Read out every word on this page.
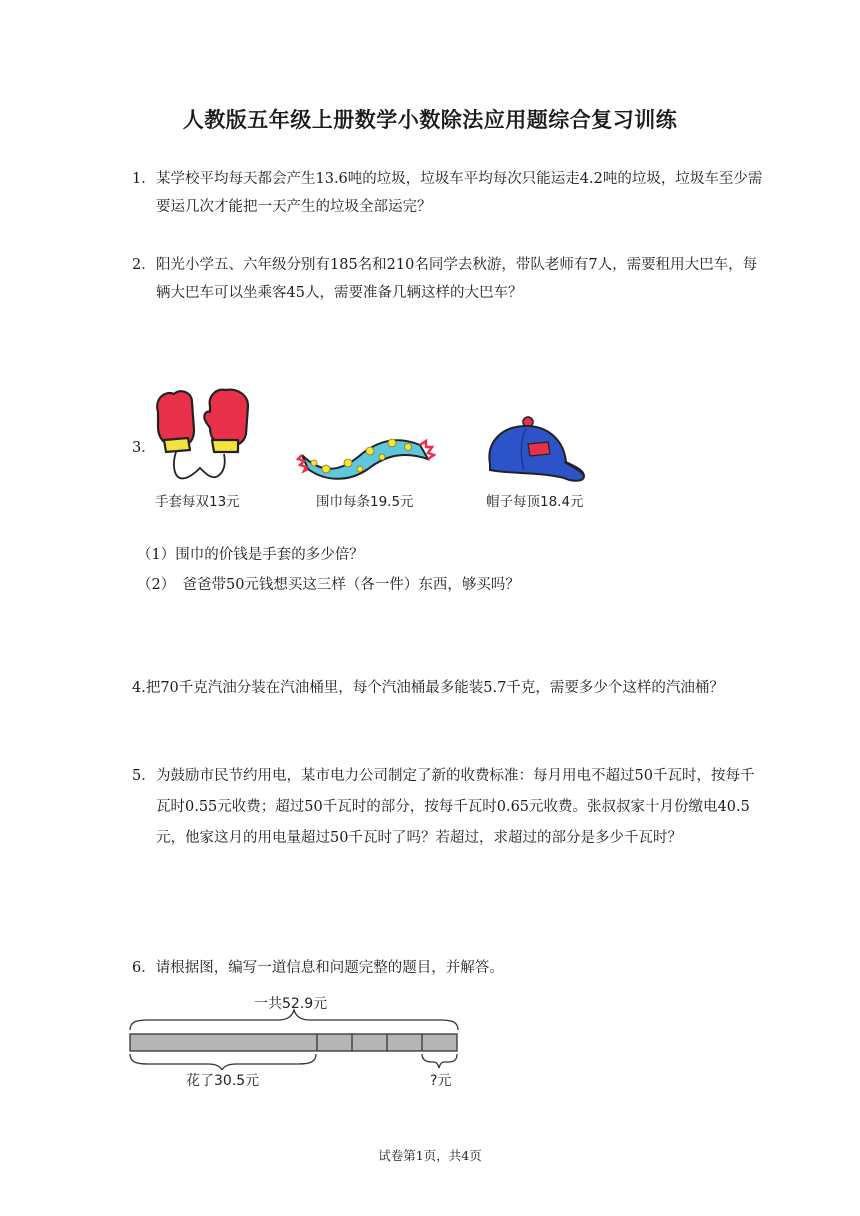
人教版五年级上册数学小数除法应用题综合复习训练
1．某学校平均每天都会产生13.6吨的垃圾，垃圾车平均每次只能运走4.2吨的垃圾，垃圾车至少需要运几次才能把一天产生的垃圾全部运完？
2．阳光小学五、六年级分别有185名和210名同学去秋游，带队老师有7人，需要租用大巴车，每辆大巴车可以坐乘客45人，需要准备几辆这样的大巴车？
3．
手套每双13元	围巾每条19.5元	帽子每顶18.4元
（1）围巾的价钱是手套的多少倍？
（2）　爸爸带50元钱想买这三样（各一件）东西，够买吗？
4.把70千克汽油分装在汽油桶里，每个汽油桶最多能装5.7千克，需要多少个这样的汽油桶？
5．为鼓励市民节约用电，某市电力公司制定了新的收费标准：每月用电不超过50千瓦时，按每千瓦时0.55元收费；超过50千瓦时的部分，按每千瓦时0.65元收费。张叔叔家十月份缴电40.5元，他家这月的用电量超过50千瓦时了吗？若超过，求超过的部分是多少千瓦时？
6．请根据图，编写一道信息和问题完整的题目，并解答。
一共52.9元
花了30.5元	?元
试卷第1页，共4页
